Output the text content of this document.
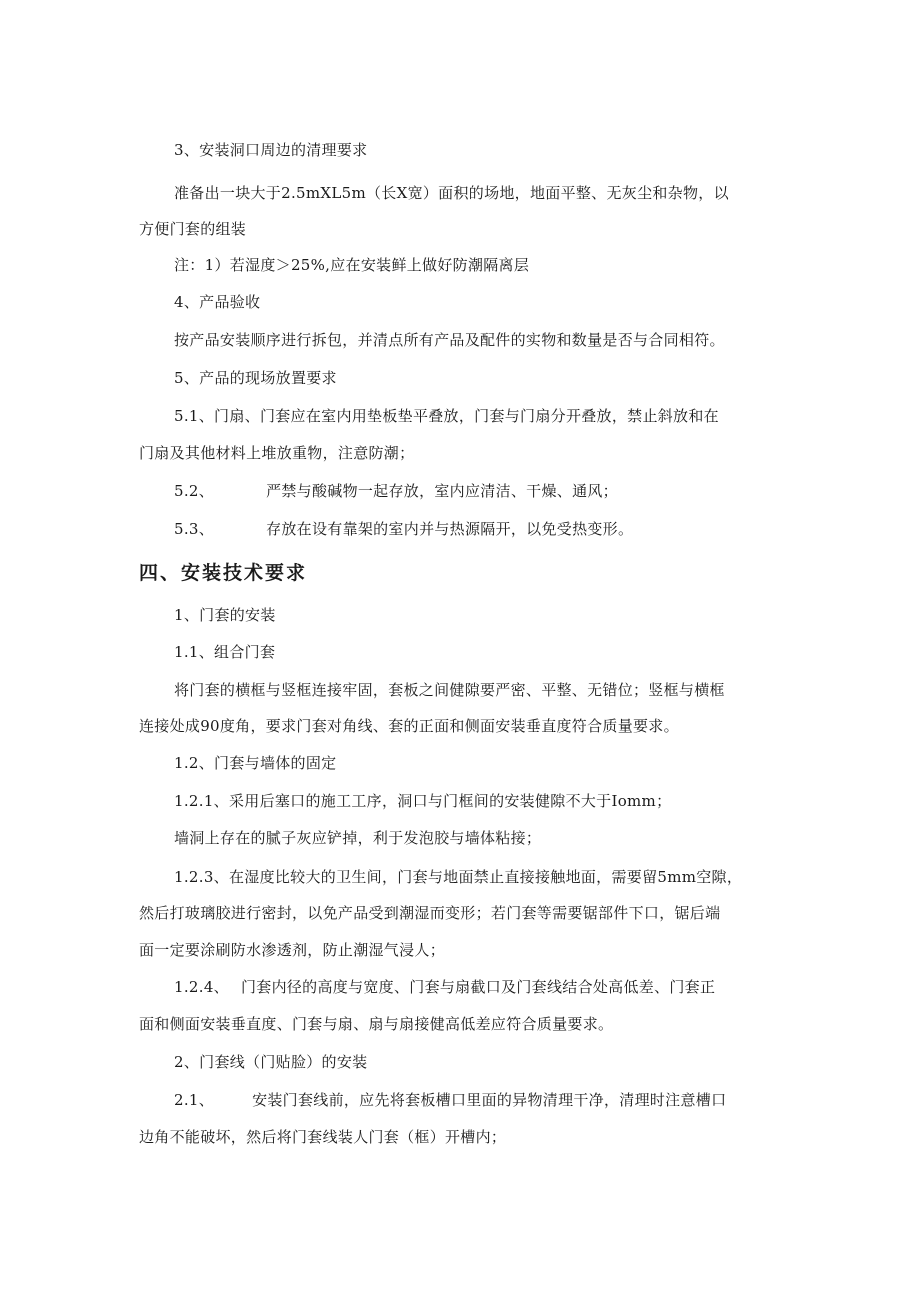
3、安装洞口周边的清理要求
准备出一块大于2.5mXL5m（长X宽）面积的场地，地面平整、无灰尘和杂物，以
方便门套的组装
注：1）若湿度＞25%,应在安装鲜上做好防潮隔离层
4、产品验收
按产品安装顺序进行拆包，并清点所有产品及配件的实物和数量是否与合同相符。
5、产品的现场放置要求
5.1、门扇、门套应在室内用垫板垫平叠放，门套与门扇分开叠放，禁止斜放和在
门扇及其他材料上堆放重物，注意防潮；
5.2、	严禁与酸碱物一起存放，室内应清洁、干燥、通风；
5.3、	存放在设有靠架的室内并与热源隔开，以免受热变形。
四、安装技术要求
1、门套的安装
1.1、组合门套
将门套的横框与竖框连接牢固，套板之间健隙要严密、平整、无错位；竖框与横框
连接处成90度角，要求门套对角线、套的正面和侧面安装垂直度符合质量要求。
1.2、门套与墙体的固定
1.2.1、采用后塞口的施工工序，洞口与门框间的安装健隙不大于Iomm；
墙洞上存在的腻子灰应铲掉，利于发泡胶与墙体粘接；
1.2.3、在湿度比较大的卫生间，门套与地面禁止直接接触地面，需要留5mm空隙，
然后打玻璃胶进行密封，以免产品受到潮湿而变形；若门套等需要锯部件下口，锯后端
面一定要涂刷防水渗透剂，防止潮湿气浸人；
1.2.4、 门套内径的高度与宽度、门套与扇截口及门套线结合处高低差、门套正
面和侧面安装垂直度、门套与扇、扇与扇接健高低差应符合质量要求。
2、门套线（门贴脸）的安装
2.1、	安装门套线前，应先将套板槽口里面的异物清理干净，清理时注意槽口
边角不能破坏，然后将门套线装人门套（框）开槽内；
